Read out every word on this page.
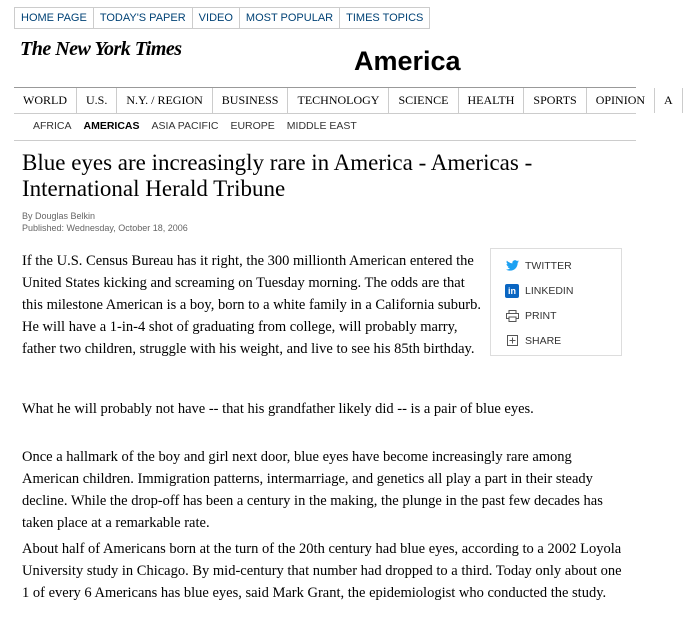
HOME PAGE	TODAY'S PAPER	VIDEO	MOST POPULAR	TIMES TOPICS
The New York Times	America
WORLD	U.S.	N.Y. / REGION	BUSINESS	TECHNOLOGY	SCIENCE	HEALTH	SPORTS	OPINION	A
AFRICA AMERICAS ASIA PACIFIC EUROPE MIDDLE EAST
Blue eyes are increasingly rare in America - Americas - International Herald Tribune
By Douglas Belkin
Published: Wednesday, October 18, 2006
TWITTER
in LINKEDIN
PRINT
SHARE

If the U.S. Census Bureau has it right, the 300 millionth American entered the United States kicking and screaming on Tuesday morning. The odds are that this milestone American is a boy, born to a white family in a California suburb. He will have a 1-in-4 shot of graduating from college, will probably marry, father two children, struggle with his weight, and live to see his 85th birthday.

What he will probably not have -- that his grandfather likely did -- is a pair of blue eyes.

Once a hallmark of the boy and girl next door, blue eyes have become increasingly rare among American children. Immigration patterns, intermarriage, and genetics all play a part in their steady decline. While the drop-off has been a century in the making, the plunge in the past few decades has taken place at a remarkable rate.

About half of Americans born at the turn of the 20th century had blue eyes, according to a 2002 Loyola University study in Chicago. By mid-century that number had dropped to a third. Today only about one 1 of every 6 Americans has blue eyes, said Mark Grant, the epidemiologist who conducted the study.
